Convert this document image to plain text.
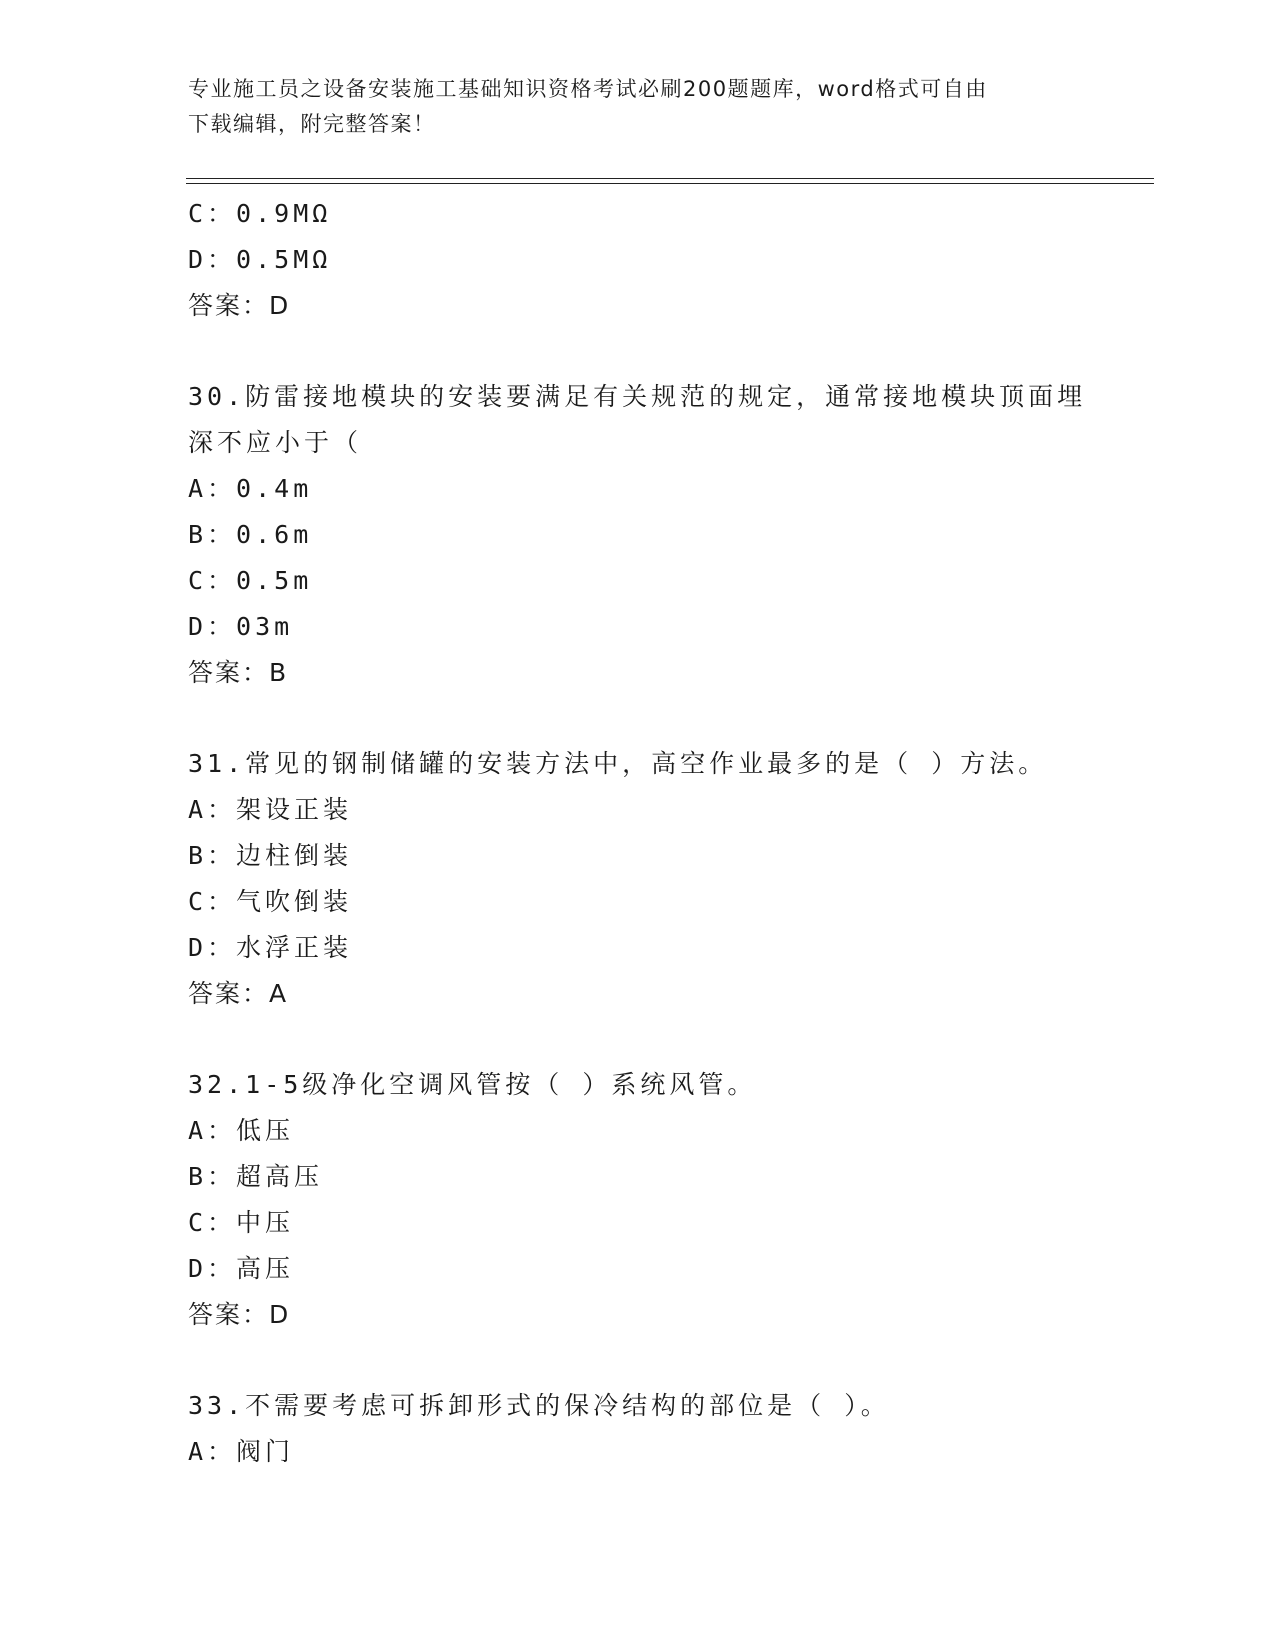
专业施工员之设备安装施工基础知识资格考试必刷200题题库，word格式可自由
下载编辑，附完整答案！
C：0.9MΩ
D：0.5MΩ
答案：D
30.防雷接地模块的安装要满足有关规范的规定，通常接地模块顶面埋
深不应小于（
A：0.4m
B：0.6m
C：0.5m
D：03m
答案：B
31.常见的钢制储罐的安装方法中，高空作业最多的是（ ）方法。
A：架设正装
B：边柱倒装
C：气吹倒装
D：水浮正装
答案：A
32.1-5级净化空调风管按（ ）系统风管。
A：低压
B：超高压
C：中压
D：高压
答案：D
33.不需要考虑可拆卸形式的保冷结构的部位是（ ）。
A：阀门
